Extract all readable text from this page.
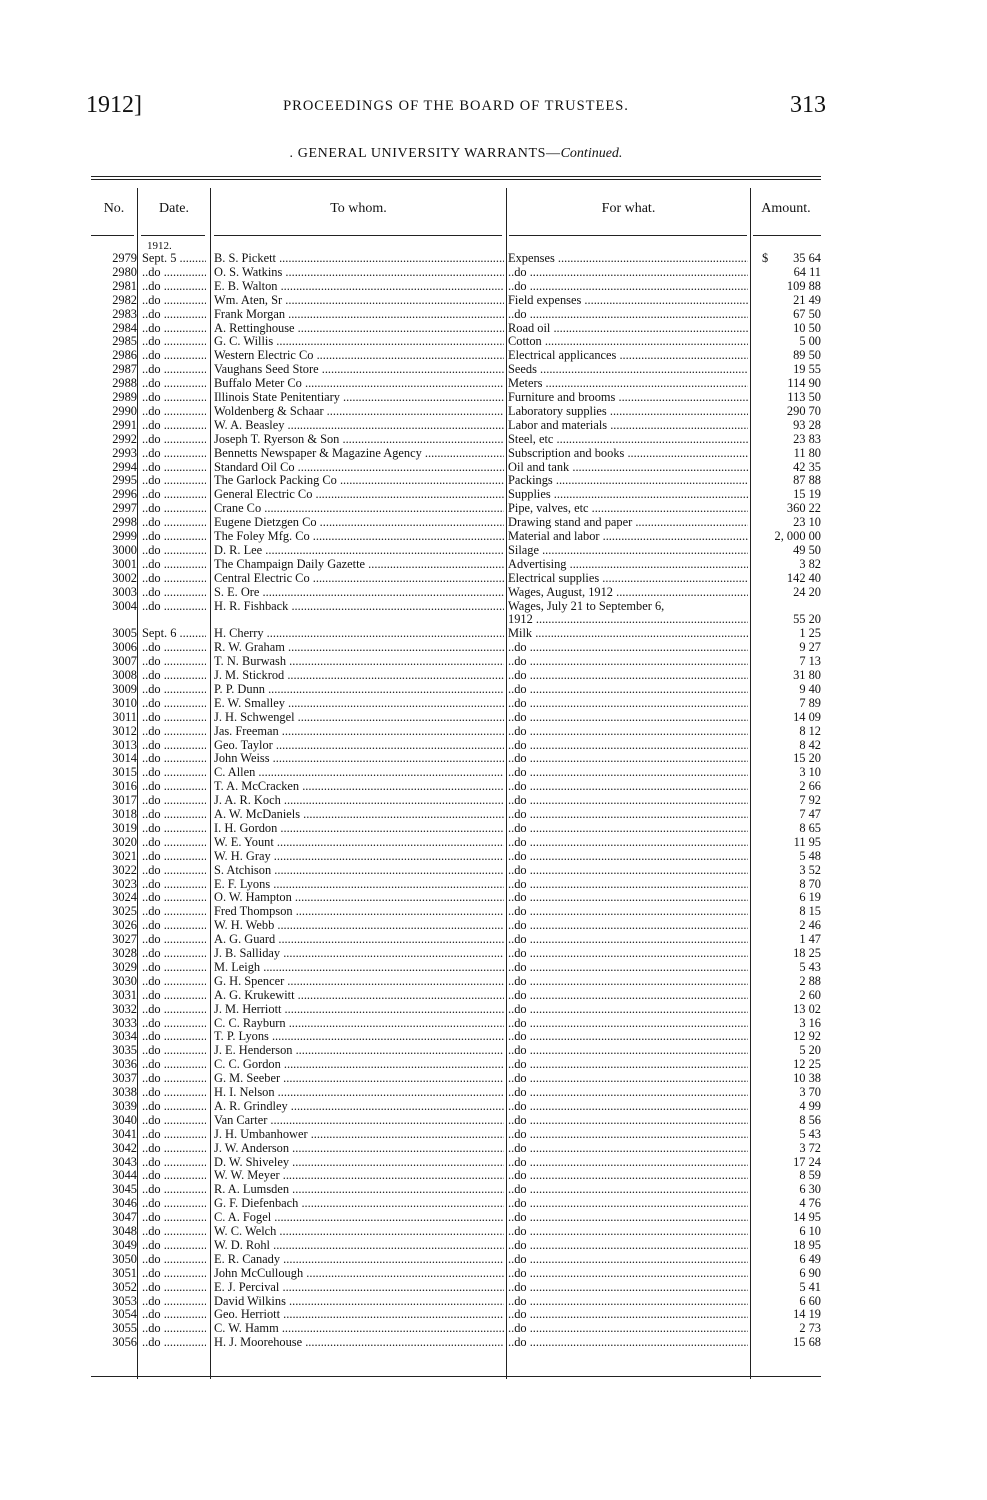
1912]	PROCEEDINGS OF THE BOARD OF TRUSTEES.	313
. GENERAL UNIVERSITY WARRANTS—Continued.
No.	Date.	To whom.	For what.	Amount.
1912.
2979 Sept. 5 .....	B. S. Pickett .....	Expenses .....	35 64
$
2980 ..do .....	O. S. Watkins .....	..do .....	64 11
2981 ..do .....	E. B. Walton .....	..do .....	109 88
2982 ..do .....	Wm. Aten, Sr .....	Field expenses .....	21 49
2983 ..do .....	Frank Morgan .....	..do .....	67 50
2984 ..do .....	A. Rettinghouse .....	Road oil .....	10 50
2985 ..do .....	G. C. Willis .....	Cotton .....	5 00
2986 ..do .....	Western Electric Co .....	Electrical applicances .....	89 50
2987 ..do .....	Vaughans Seed Store .....	Seeds .....	19 55
2988 ..do .....	Buffalo Meter Co .....	Meters .....	114 90
2989 ..do .....	Illinois State Penitentiary .....	Furniture and brooms .....	113 50
2990 ..do .....	Woldenberg & Schaar .....	Laboratory supplies .....	290 70
2991 ..do .....	W. A. Beasley .....	Labor and materials .....	93 28
2992 ..do .....	Joseph T. Ryerson & Son .....	Steel, etc .....	23 83
2993 ..do .....	Bennetts Newspaper & Magazine Agency .....	Subscription and books .....	11 80
2994 ..do .....	Standard Oil Co .....	Oil and tank .....	42 35
2995 ..do .....	The Garlock Packing Co .....	Packings .....	87 88
2996 ..do .....	General Electric Co .....	Supplies .....	15 19
2997 ..do .....	Crane Co .....	Pipe, valves, etc .....	360 22
2998 ..do .....	Eugene Dietzgen Co .....	Drawing stand and paper .....	23 10
2999 ..do .....	The Foley Mfg. Co .....	Material and labor .....	2, 000 00
3000 ..do .....	D. R. Lee .....	Silage .....	49 50
3001 ..do .....	The Champaign Daily Gazette .....	Advertising .....	3 82
3002 ..do .....	Central Electric Co .....	Electrical supplies .....	142 40
3003 ..do .....	S. E. Ore .....	Wages, August, 1912 .....	24 20
3004 ..do .....	H. R. Fishback .....	Wages, July 21 to September 6,
1912 .....	55 20
3005 Sept. 6 .....	H. Cherry .....	Milk .....	1 25
3006 ..do .....	R. W. Graham .....	..do .....	9 27
3007 ..do .....	T. N. Burwash .....	..do .....	7 13
3008 ..do .....	J. M. Stickrod .....	..do .....	31 80
3009 ..do .....	P. P. Dunn .....	..do .....	9 40
3010 ..do .....	E. W. Smalley .....	..do .....	7 89
3011 ..do .....	J. H. Schwengel .....	..do .....	14 09
3012 ..do .....	Jas. Freeman .....	..do .....	8 12
3013 ..do .....	Geo. Taylor .....	..do .....	8 42
3014 ..do .....	John Weiss .....	..do .....	15 20
3015 ..do .....	C. Allen .....	..do .....	3 10
3016 ..do .....	T. A. McCracken .....	..do .....	2 66
3017 ..do .....	J. A. R. Koch .....	..do .....	7 92
3018 ..do .....	A. W. McDaniels .....	..do .....	7 47
3019 ..do .....	I. H. Gordon .....	..do .....	8 65
3020 ..do .....	W. E. Yount .....	..do .....	11 95
3021 ..do .....	W. H. Gray .....	..do .....	5 48
3022 ..do .....	S. Atchison .....	..do .....	3 52
3023 ..do .....	E. F. Lyons .....	..do .....	8 70
3024 ..do .....	O. W. Hampton .....	..do .....	6 19
3025 ..do .....	Fred Thompson .....	..do .....	8 15
3026 ..do .....	W. H. Webb .....	..do .....	2 46
3027 ..do .....	A. G. Guard .....	..do .....	1 47
3028 ..do .....	J. B. Salliday .....	..do .....	18 25
3029 ..do .....	M. Leigh .....	..do .....	5 43
3030 ..do .....	G. H. Spencer .....	..do .....	2 88
3031 ..do .....	A. G. Krukewitt .....	..do .....	2 60
3032 ..do .....	J. M. Herriott .....	..do .....	13 02
3033 ..do .....	C. C. Rayburn .....	..do .....	3 16
3034 ..do .....	T. P. Lyons .....	..do .....	12 92
3035 ..do .....	J. E. Henderson .....	..do .....	5 20
3036 ..do .....	C. C. Gordon .....	..do .....	12 25
3037 ..do .....	G. M. Seeber .....	..do .....	10 38
3038 ..do .....	H. I. Nelson .....	..do .....	3 70
3039 ..do .....	A. R. Grindley .....	..do .....	4 99
3040 ..do .....	Van Carter .....	..do .....	8 56
3041 ..do .....	J. H. Umbanhower .....	..do .....	5 43
3042 ..do .....	J. W. Anderson .....	..do .....	3 72
3043 ..do .....	D. W. Shiveley .....	..do .....	17 24
3044 ..do .....	W. W. Meyer .....	..do .....	8 59
3045 ..do .....	R. A. Lumsden .....	..do .....	6 30
3046 ..do .....	G. F. Diefenbach .....	..do .....	4 76
3047 ..do .....	C. A. Fogel .....	..do .....	14 95
3048 ..do .....	W. C. Welch .....	..do .....	6 10
3049 ..do .....	W. D. Rohl .....	..do .....	18 95
3050 ..do .....	E. R. Canady .....	..do .....	6 49
3051 ..do .....	John McCullough .....	..do .....	6 90
3052 ..do .....	E. J. Percival .....	..do .....	5 41
3053 ..do .....	David Wilkins .....	..do .....	6 60
3054 ..do .....	Geo. Herriott .....	..do .....	14 19
3055 ..do .....	C. W. Hamm .....	..do .....	2 73
3056 ..do .....	H. J. Moorehouse .....	..do .....	15 68
